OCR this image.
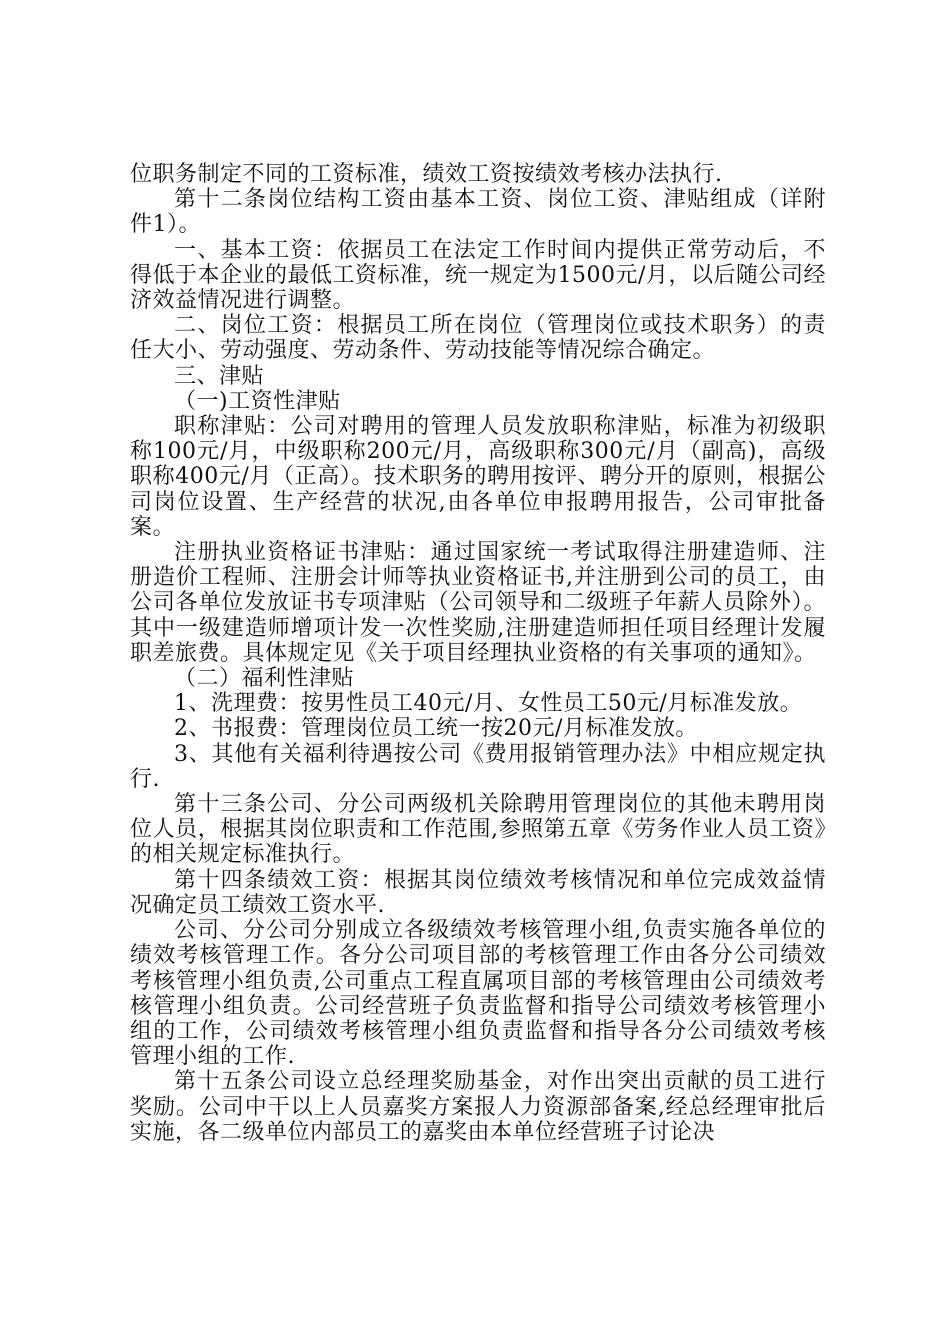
位职务制定不同的工资标准，绩效工资按绩效考核办法执行.

第十二条岗位结构工资由基本工资、岗位工资、津贴组成（详附件1）。

一、基本工资：依据员工在法定工作时间内提供正常劳动后，不得低于本企业的最低工资标准，统一规定为1500元/月，以后随公司经济效益情况进行调整。

二、岗位工资：根据员工所在岗位（管理岗位或技术职务）的责任大小、劳动强度、劳动条件、劳动技能等情况综合确定。

三、津贴

（一)工资性津贴

职称津贴：公司对聘用的管理人员发放职称津贴，标准为初级职称100元/月，中级职称200元/月，高级职称300元/月（副高)，高级职称400元/月（正高）。技术职务的聘用按评、聘分开的原则，根据公司岗位设置、生产经营的状况,由各单位申报聘用报告，公司审批备案。

注册执业资格证书津贴：通过国家统一考试取得注册建造师、注册造价工程师、注册会计师等执业资格证书,并注册到公司的员工，由公司各单位发放证书专项津贴（公司领导和二级班子年薪人员除外）。其中一级建造师增项计发一次性奖励,注册建造师担任项目经理计发履职差旅费。具体规定见《关于项目经理执业资格的有关事项的通知》。

（二）福利性津贴

1、洗理费：按男性员工40元/月、女性员工50元/月标准发放。

2、书报费：管理岗位员工统一按20元/月标准发放。

3、其他有关福利待遇按公司《费用报销管理办法》中相应规定执行.

第十三条公司、分公司两级机关除聘用管理岗位的其他未聘用岗位人员，根据其岗位职责和工作范围,参照第五章《劳务作业人员工资》的相关规定标准执行。

第十四条绩效工资：根据其岗位绩效考核情况和单位完成效益情况确定员工绩效工资水平.

公司、分公司分别成立各级绩效考核管理小组,负责实施各单位的绩效考核管理工作。各分公司项目部的考核管理工作由各分公司绩效考核管理小组负责,公司重点工程直属项目部的考核管理由公司绩效考核管理小组负责。公司经营班子负责监督和指导公司绩效考核管理小组的工作，公司绩效考核管理小组负责监督和指导各分公司绩效考核管理小组的工作.

第十五条公司设立总经理奖励基金，对作出突出贡献的员工进行奖励。公司中干以上人员嘉奖方案报人力资源部备案,经总经理审批后实施，各二级单位内部员工的嘉奖由本单位经营班子讨论决
